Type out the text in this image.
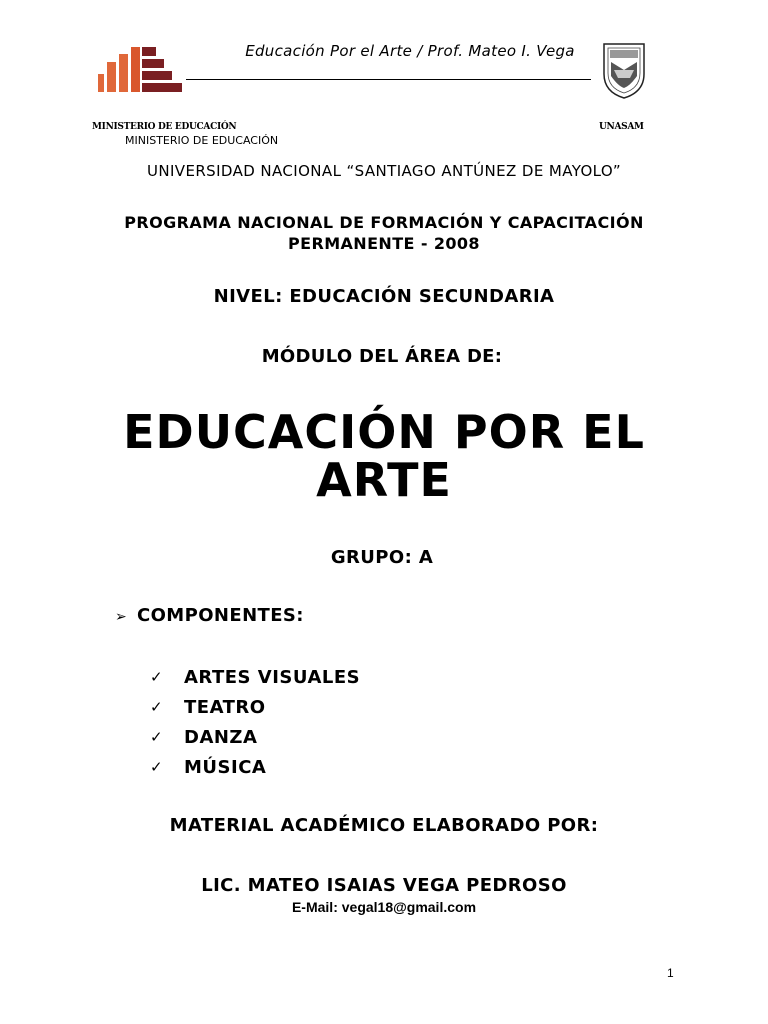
Educación Por el Arte / Prof. Mateo I. Vega
MINISTERIO DE EDUCACIÓN	UNASAM
MINISTERIO DE EDUCACIÓN
UNIVERSIDAD NACIONAL “SANTIAGO ANTÚNEZ DE MAYOLO”
PROGRAMA NACIONAL DE FORMACIÓN Y CAPACITACIÓN
PERMANENTE - 2008
NIVEL: EDUCACIÓN SECUNDARIA
MÓDULO DEL ÁREA DE:
EDUCACIÓN POR EL
ARTE
GRUPO: A
➢ COMPONENTES:
✓	ARTES VISUALES
✓	TEATRO
✓	DANZA
✓	MÚSICA
MATERIAL ACADÉMICO ELABORADO POR:
LIC. MATEO ISAIAS VEGA PEDROSO
E-Mail: vegal18@gmail.com
1
